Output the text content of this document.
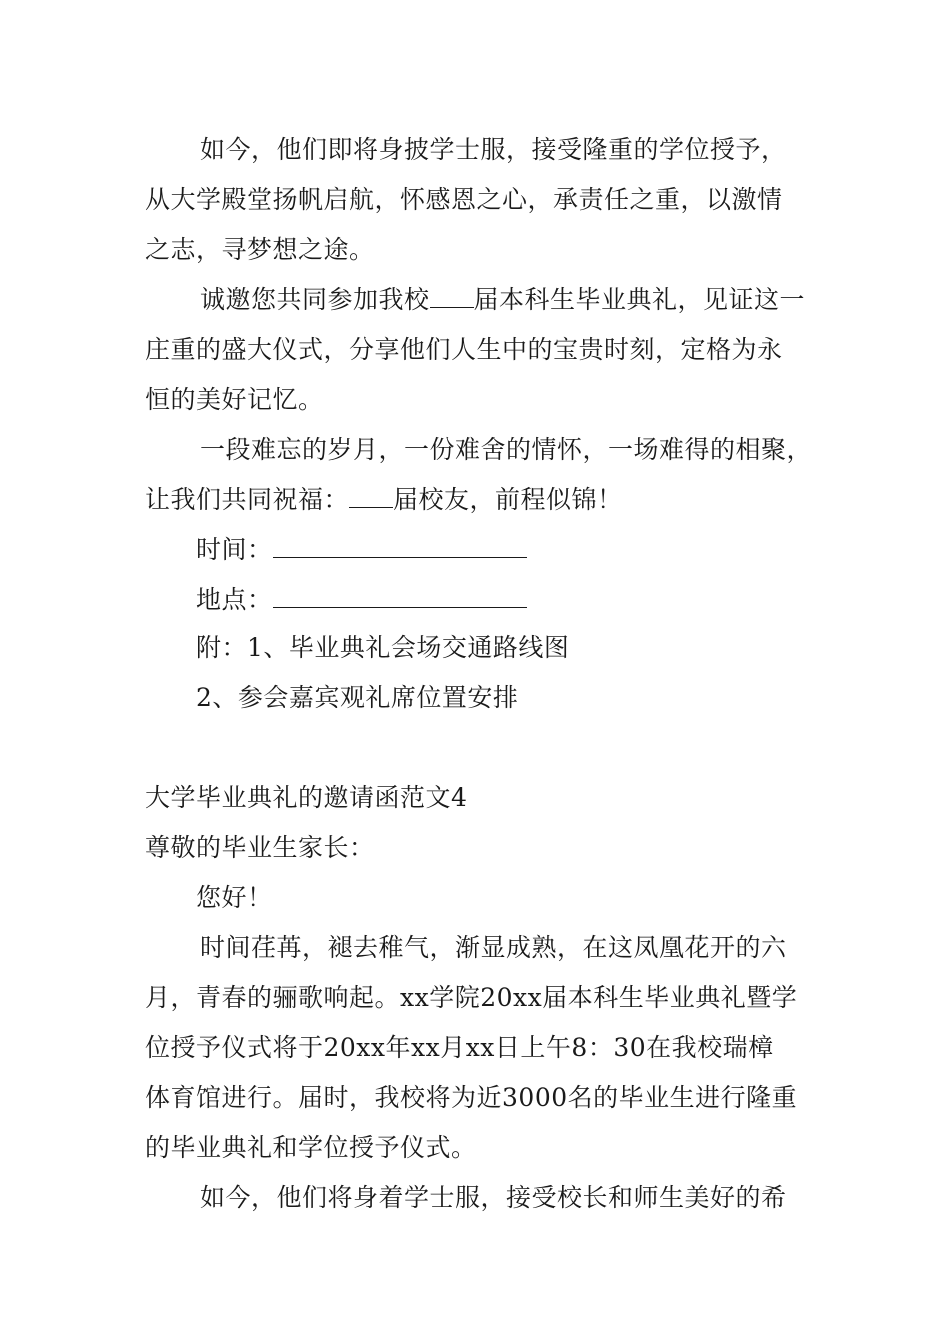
如今，他们即将身披学士服，接受隆重的学位授予，
从大学殿堂扬帆启航，怀感恩之心，承责任之重，以激情
之志，寻梦想之途。
诚邀您共同参加我校 届本科生毕业典礼，见证这一
庄重的盛大仪式，分享他们人生中的宝贵时刻，定格为永
恒的美好记忆。
一段难忘的岁月，一份难舍的情怀，一场难得的相聚，
让我们共同祝福： 届校友，前程似锦！
时间：
地点：
附：1、毕业典礼会场交通路线图
2、参会嘉宾观礼席位置安排
大学毕业典礼的邀请函范文4
尊敬的毕业生家长：
您好！
时间荏苒，褪去稚气，渐显成熟，在这凤凰花开的六
月，青春的骊歌响起。xx学院20xx届本科生毕业典礼暨学
位授予仪式将于20xx年xx月xx日上午8：30在我校瑞樟
体育馆进行。届时，我校将为近3000名的毕业生进行隆重
的毕业典礼和学位授予仪式。
如今，他们将身着学士服，接受校长和师生美好的希
